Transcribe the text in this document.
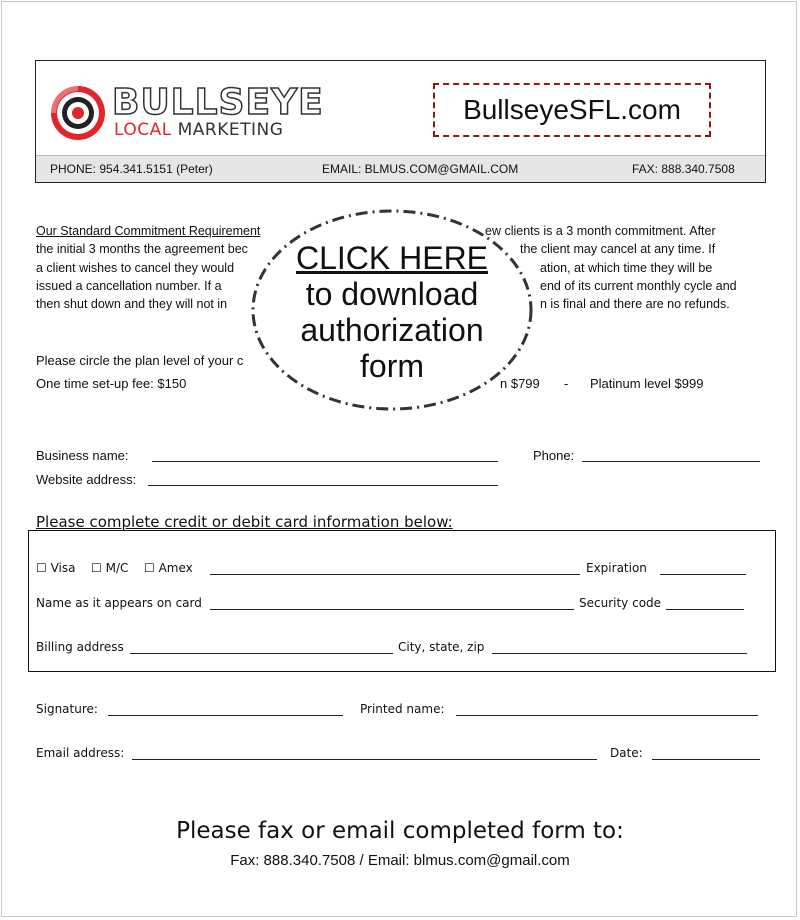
BULLSEYE
LOCAL MARKETING
BullseyeSFL.com
PHONE: 954.341.5151 (Peter)	EMAIL: BLMUS.COM@GMAIL.COM	FAX: 888.340.7508
Our Standard Commitment Requirement	ew clients is a 3 month commitment. After
the initial 3 months the agreement bec	the client may cancel at any time. If
a client wishes to cancel they would	ation, at which time they will be
issued a cancellation number. If a	end of its current monthly cycle and
then shut down and they will not in	n is final and there are no refunds.
Please circle the plan level of your c
One time set-up fee: $150	n $799 - Platinum level $999
CLICK HERE
to download
authorization
form
Business name:	Phone:
Website address:
Please complete credit or debit card information below:
☐ Visa ☐ M/C ☐ Amex	Expiration
Name as it appears on card	Security code
Billing address	City, state, zip
Signature:	Printed name:
Email address:	Date:
Please fax or email completed form to:
Fax: 888.340.7508 / Email: blmus.com@gmail.com
